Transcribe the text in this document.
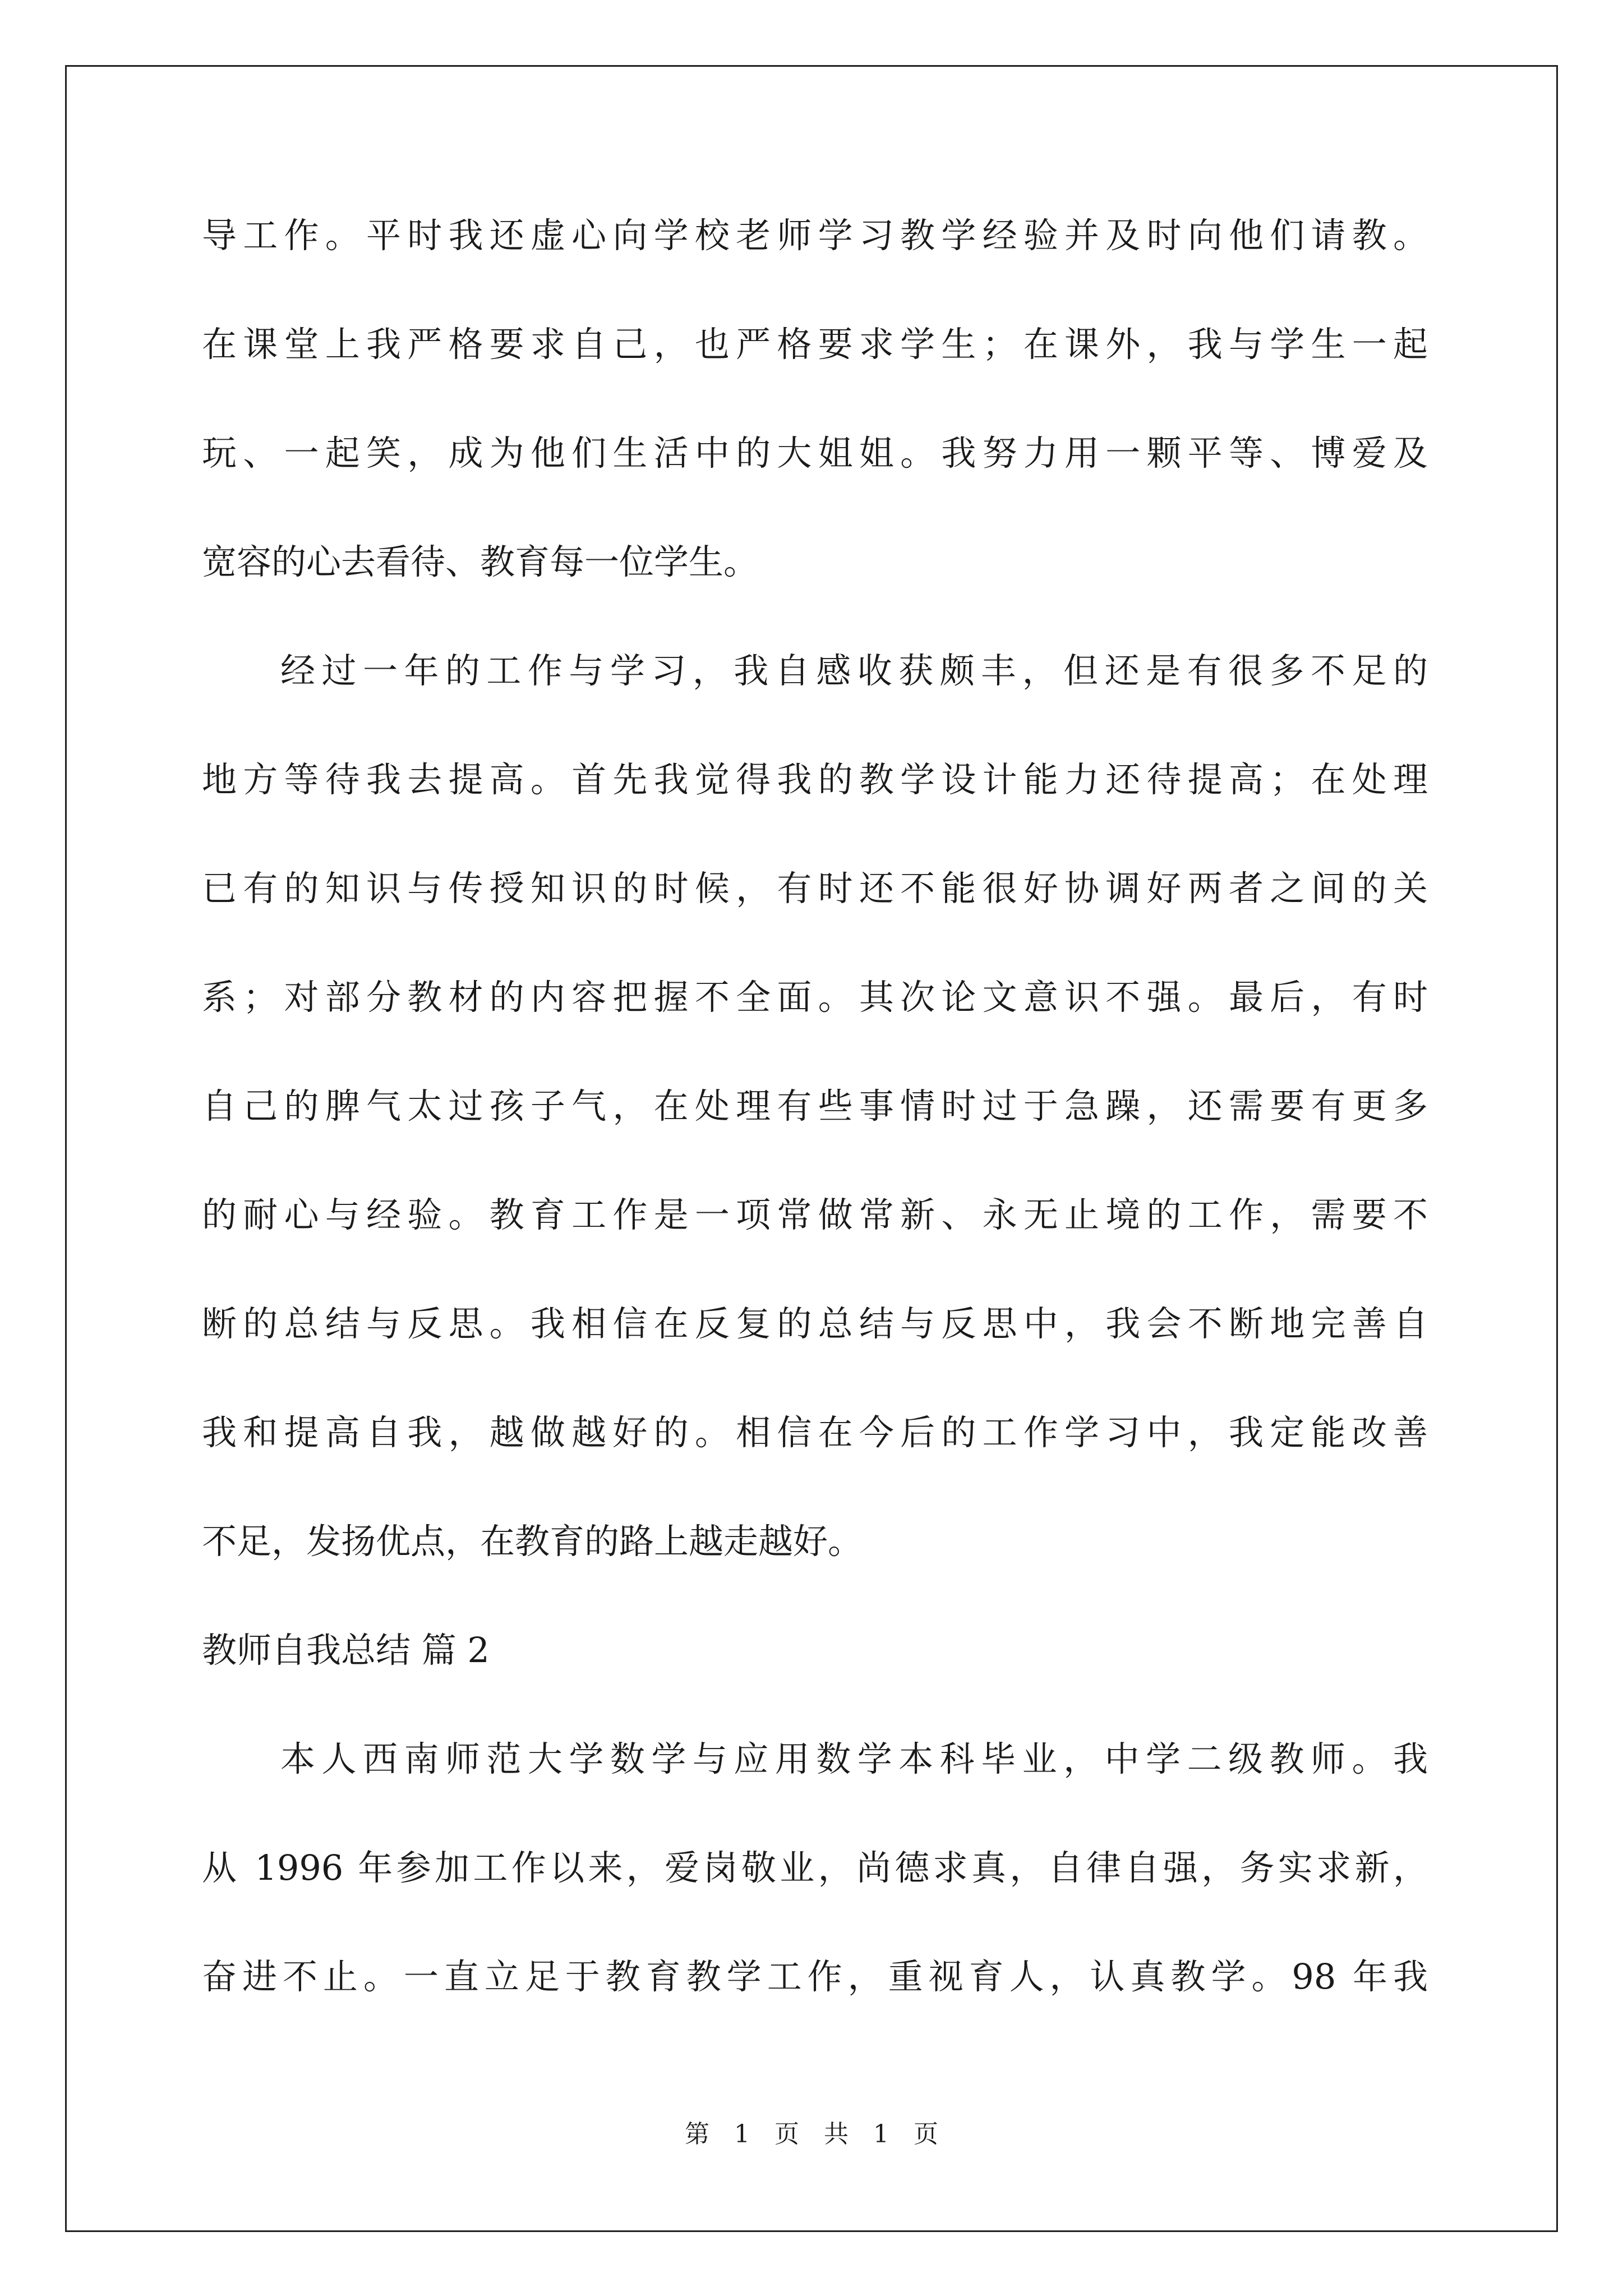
导工作。平时我还虚心向学校老师学习教学经验并及时向他们请教。
在课堂上我严格要求自己，也严格要求学生；在课外，我与学生一起
玩、一起笑，成为他们生活中的大姐姐。我努力用一颗平等、博爱及
宽容的心去看待、教育每一位学生。
经过一年的工作与学习，我自感收获颇丰，但还是有很多不足的
地方等待我去提高。首先我觉得我的教学设计能力还待提高；在处理
已有的知识与传授知识的时候，有时还不能很好协调好两者之间的关
系；对部分教材的内容把握不全面。其次论文意识不强。最后，有时
自己的脾气太过孩子气，在处理有些事情时过于急躁，还需要有更多
的耐心与经验。教育工作是一项常做常新、永无止境的工作，需要不
断的总结与反思。我相信在反复的总结与反思中，我会不断地完善自
我和提高自我，越做越好的。相信在今后的工作学习中，我定能改善
不足，发扬优点，在教育的路上越走越好。
教师自我总结 篇 2
本人西南师范大学数学与应用数学本科毕业，中学二级教师。我
从 1996 年参加工作以来，爱岗敬业，尚德求真，自律自强，务实求新，
奋进不止。一直立足于教育教学工作，重视育人，认真教学。98 年我
第 1 页 共 1 页
